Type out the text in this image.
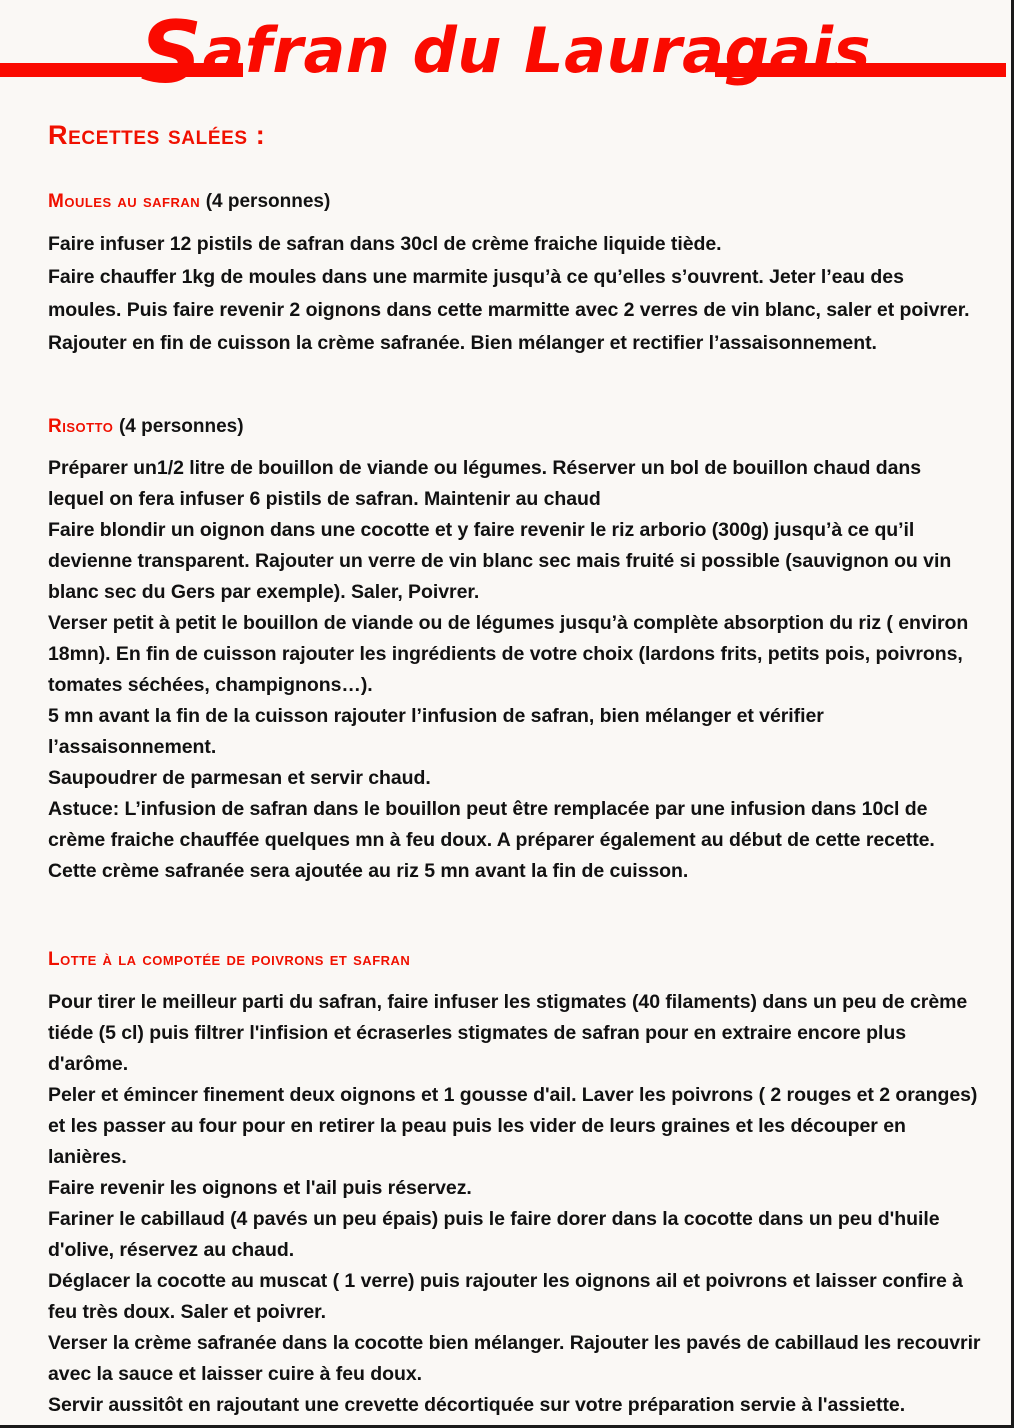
Safran du Lauragais
Recettes salées :
Moules au safran (4 personnes)

Faire infuser 12 pistils de safran dans 30cl de crème fraiche liquide tiède.

Faire chauffer 1kg de moules dans une marmite jusqu’à ce qu’elles s’ouvrent. Jeter l’eau des moules. Puis faire revenir 2 oignons dans cette marmitte avec 2 verres de vin blanc, saler et poivrer. Rajouter en fin de cuisson la crème safranée. Bien mélanger et rectifier l’assaisonnement.

Risotto (4 personnes)

Préparer un1/2 litre de bouillon de viande ou légumes. Réserver un bol de bouillon chaud dans lequel on fera infuser 6 pistils de safran. Maintenir au chaud

Faire blondir un oignon dans une cocotte et y faire revenir le riz arborio (300g) jusqu’à ce qu’il devienne transparent. Rajouter un verre de vin blanc sec mais fruité si possible (sauvignon ou vin blanc sec du Gers par exemple). Saler, Poivrer.

Verser petit à petit le bouillon de viande ou de légumes jusqu’à complète absorption du riz ( environ 18mn). En fin de cuisson rajouter les ingrédients de votre choix (lardons frits, petits pois, poivrons, tomates séchées, champignons…).

5 mn avant la fin de la cuisson rajouter l’infusion de safran, bien mélanger et vérifier l’assaisonnement.

Saupoudrer de parmesan et servir chaud.

Astuce: L’infusion de safran dans le bouillon peut être remplacée par une infusion dans 10cl de crème fraiche chauffée quelques mn à feu doux. A préparer également au début de cette recette. Cette crème safranée sera ajoutée au riz 5 mn avant la fin de cuisson.

Lotte à la compotée de poivrons et safran

Pour tirer le meilleur parti du safran, faire infuser les stigmates (40 filaments) dans un peu de crème tiéde (5 cl) puis filtrer l'infision et écraserles stigmates de safran pour en extraire encore plus d'arôme.

Peler et émincer finement deux oignons et 1 gousse d'ail. Laver les poivrons ( 2 rouges et 2 oranges) et les passer au four pour en retirer la peau puis les vider de leurs graines et les découper en lanières.

Faire revenir les oignons et l'ail puis réservez.

Fariner le cabillaud (4 pavés un peu épais) puis le faire dorer dans la cocotte dans un peu d'huile d'olive, réservez au chaud.

Déglacer la cocotte au muscat ( 1 verre) puis rajouter les oignons ail et poivrons et laisser confire à feu très doux. Saler et poivrer.

Verser la crème safranée dans la cocotte bien mélanger. Rajouter les pavés de cabillaud les recouvrir avec la sauce et laisser cuire à feu doux.

Servir aussitôt en rajoutant une crevette décortiquée sur votre préparation servie à l'assiette.
